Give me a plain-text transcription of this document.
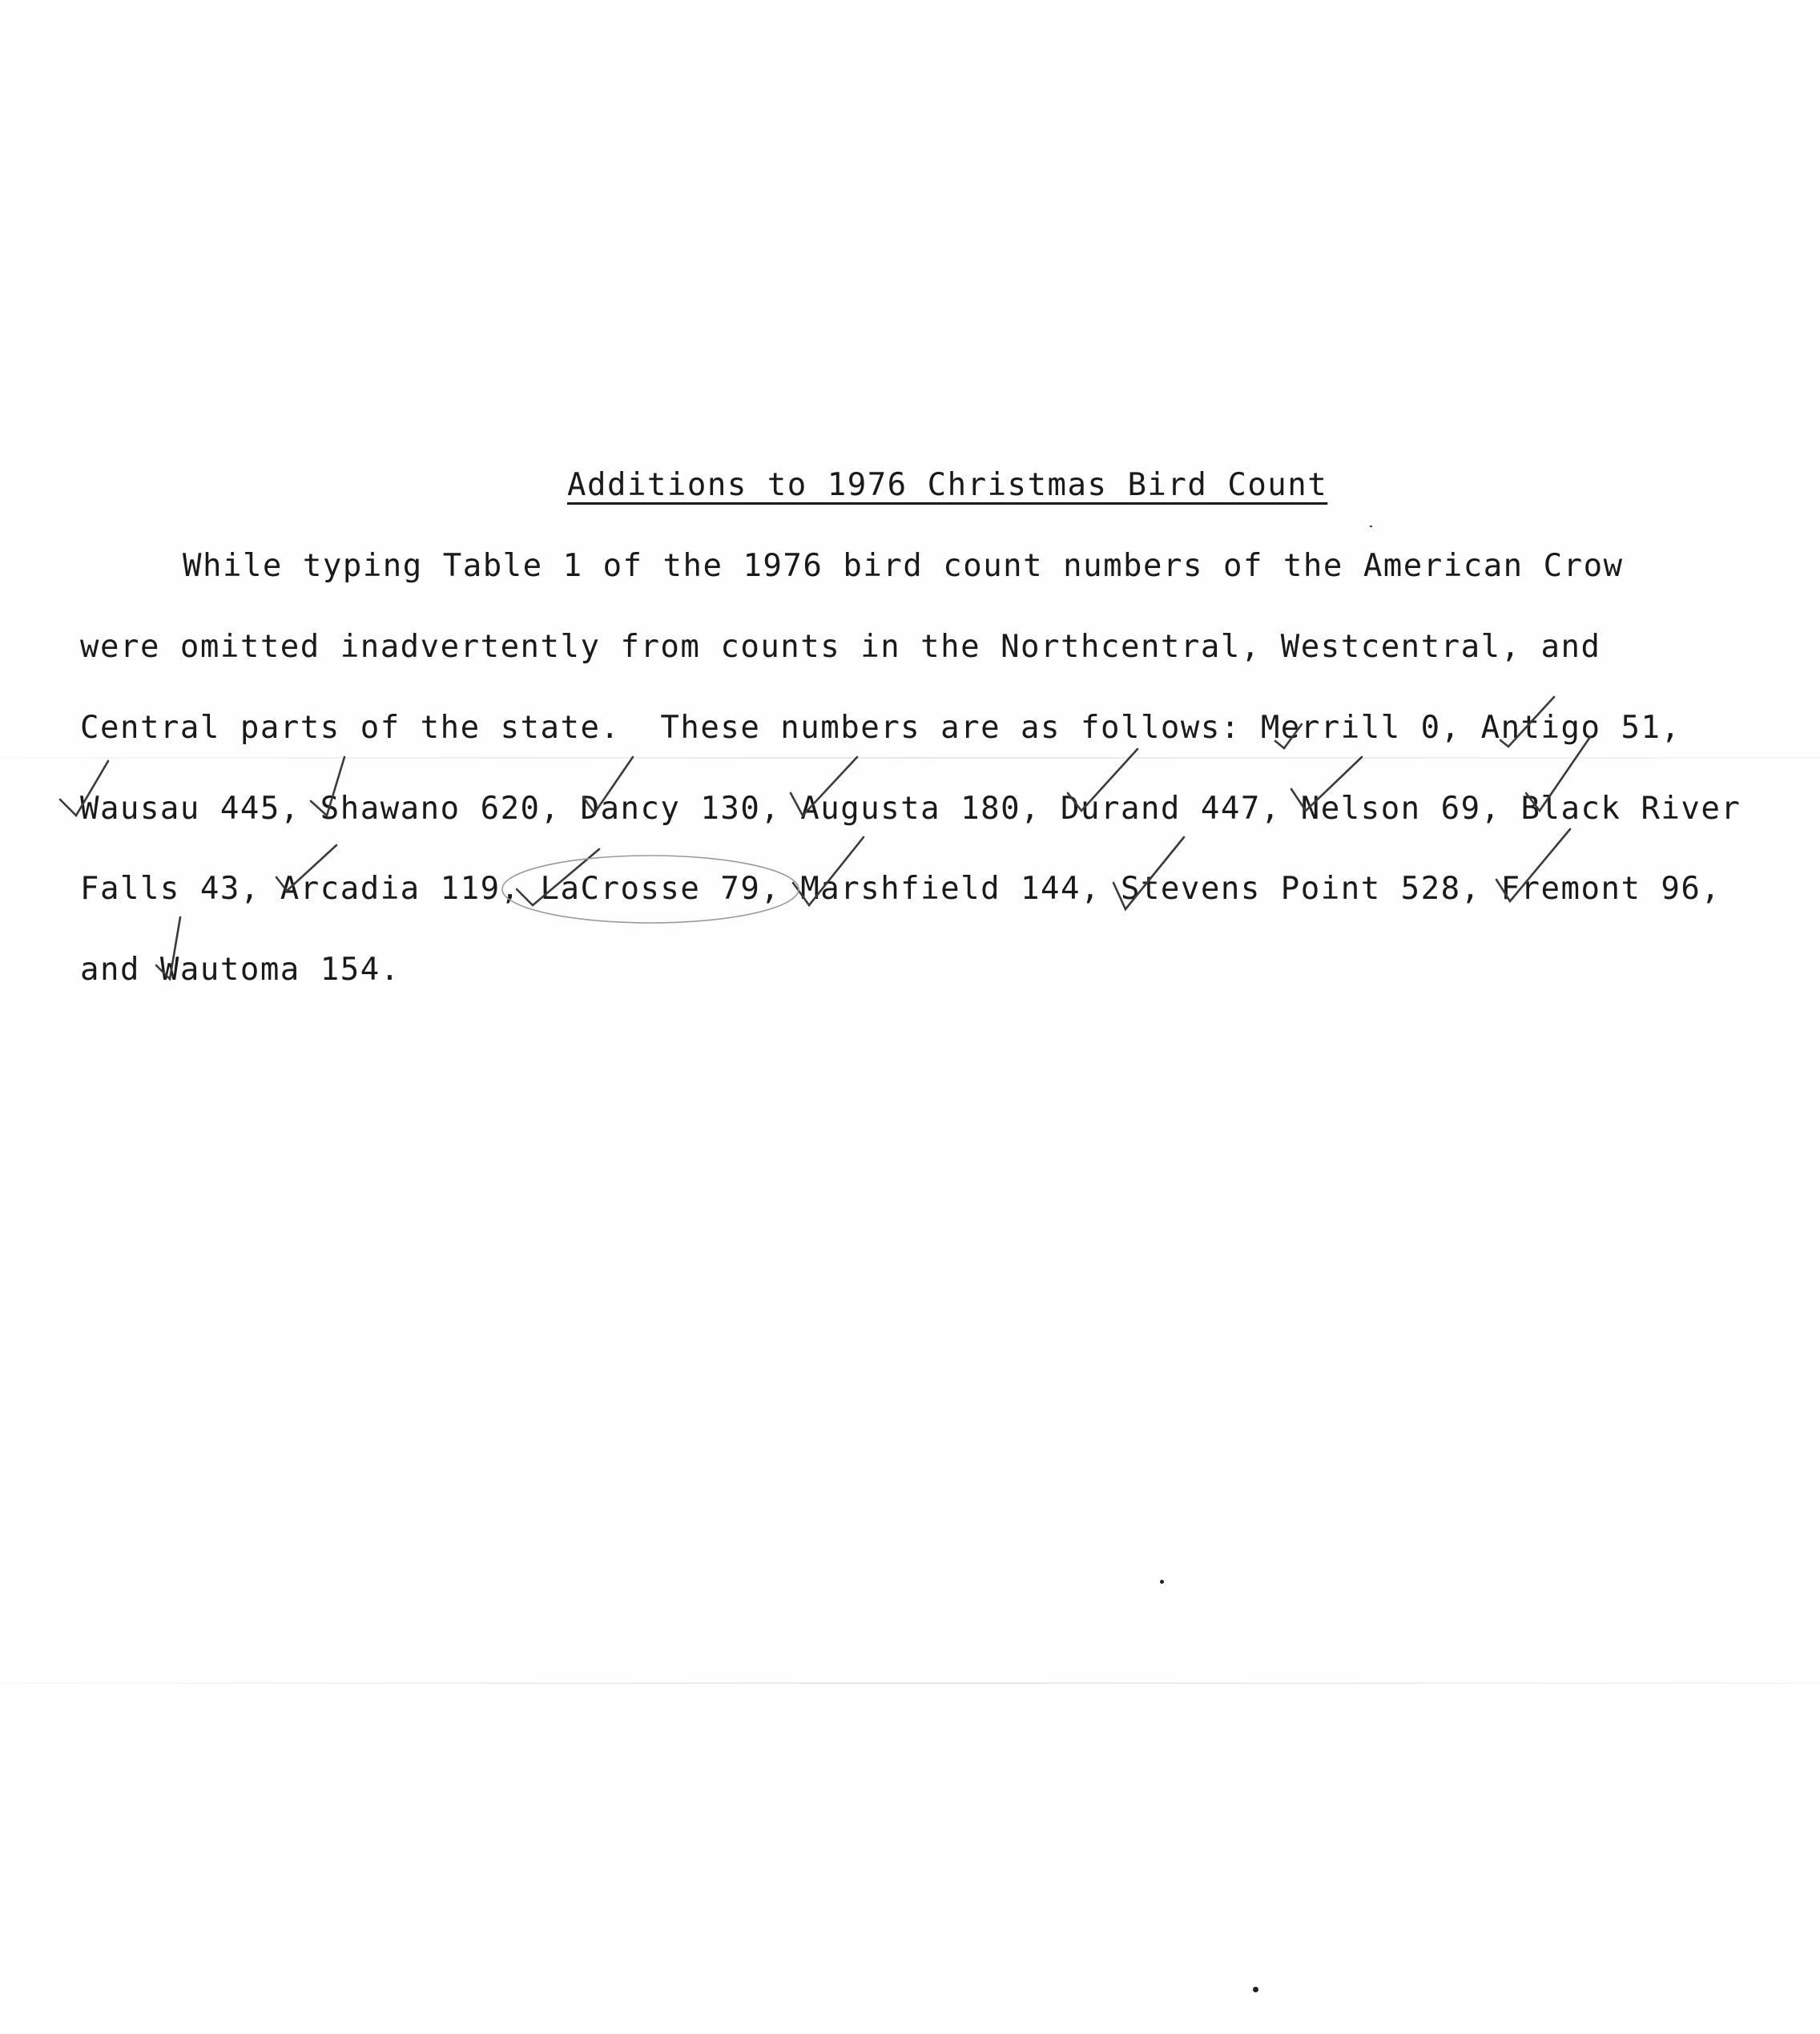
Additions to 1976 Christmas Bird Count
While typing Table 1 of the 1976 bird count numbers of the American Crow
were omitted inadvertently from counts in the Northcentral, Westcentral, and
Central parts of the state.  These numbers are as follows: Merrill 0, Antigo 51,
Wausau 445, Shawano 620, Dancy 130, Augusta 180, Durand 447, Nelson 69, Black River
Falls 43, Arcadia 119, LaCrosse 79, Marshfield 144, Stevens Point 528, Fremont 96,
and Wautoma 154.
